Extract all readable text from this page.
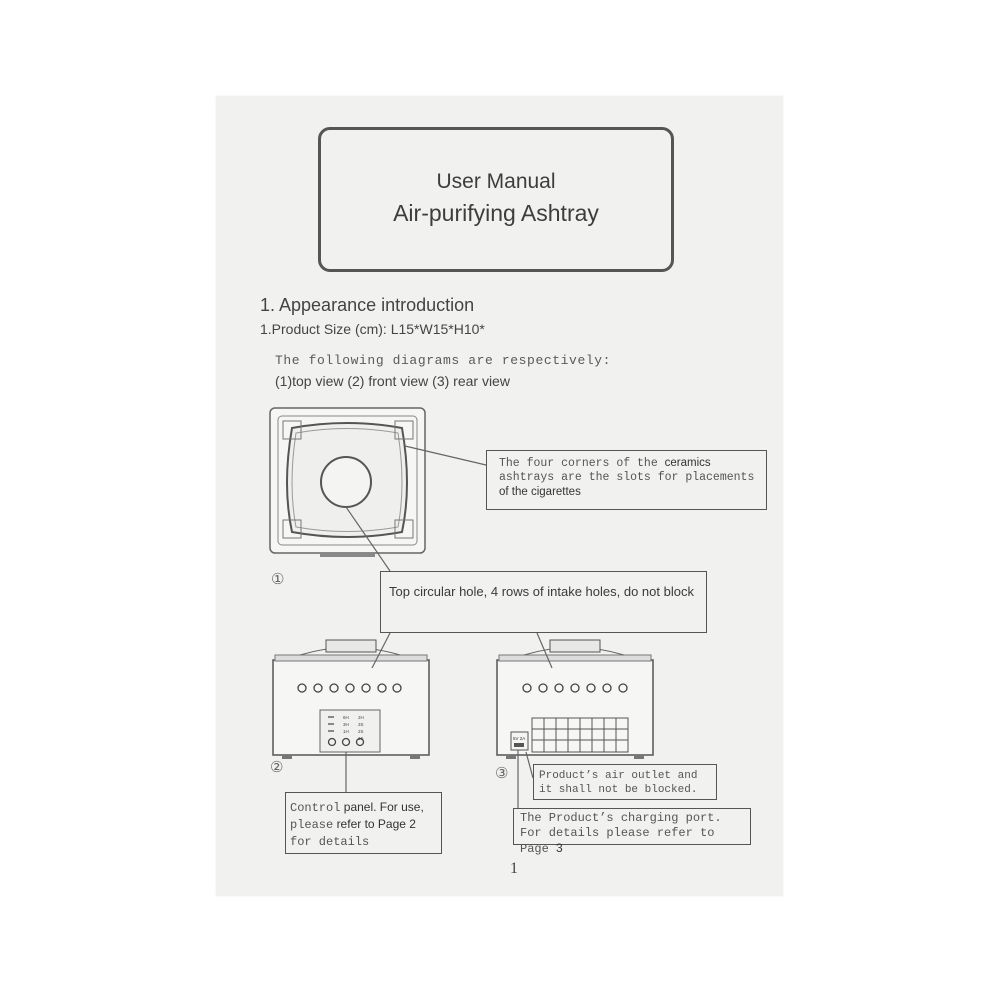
User Manual
Air-purifying Ashtray
1. Appearance introduction
1.Product Size (cm): L15*W15*H10*
The following diagrams are respectively:
(1)top view (2) front view (3) rear view
6H
3H
1H
2H
3S
2S
1S	5V 2A
The four corners of the ceramics
ashtrays are the slots for placements
of the cigarettes
Top circular hole, 4 rows of intake holes, do not block
Control panel. For use,
please refer to Page 2
for details
Product’s air outlet and it shall not be blocked.
The Product’s charging port. For details please refer to Page 3
①
②	③
1
